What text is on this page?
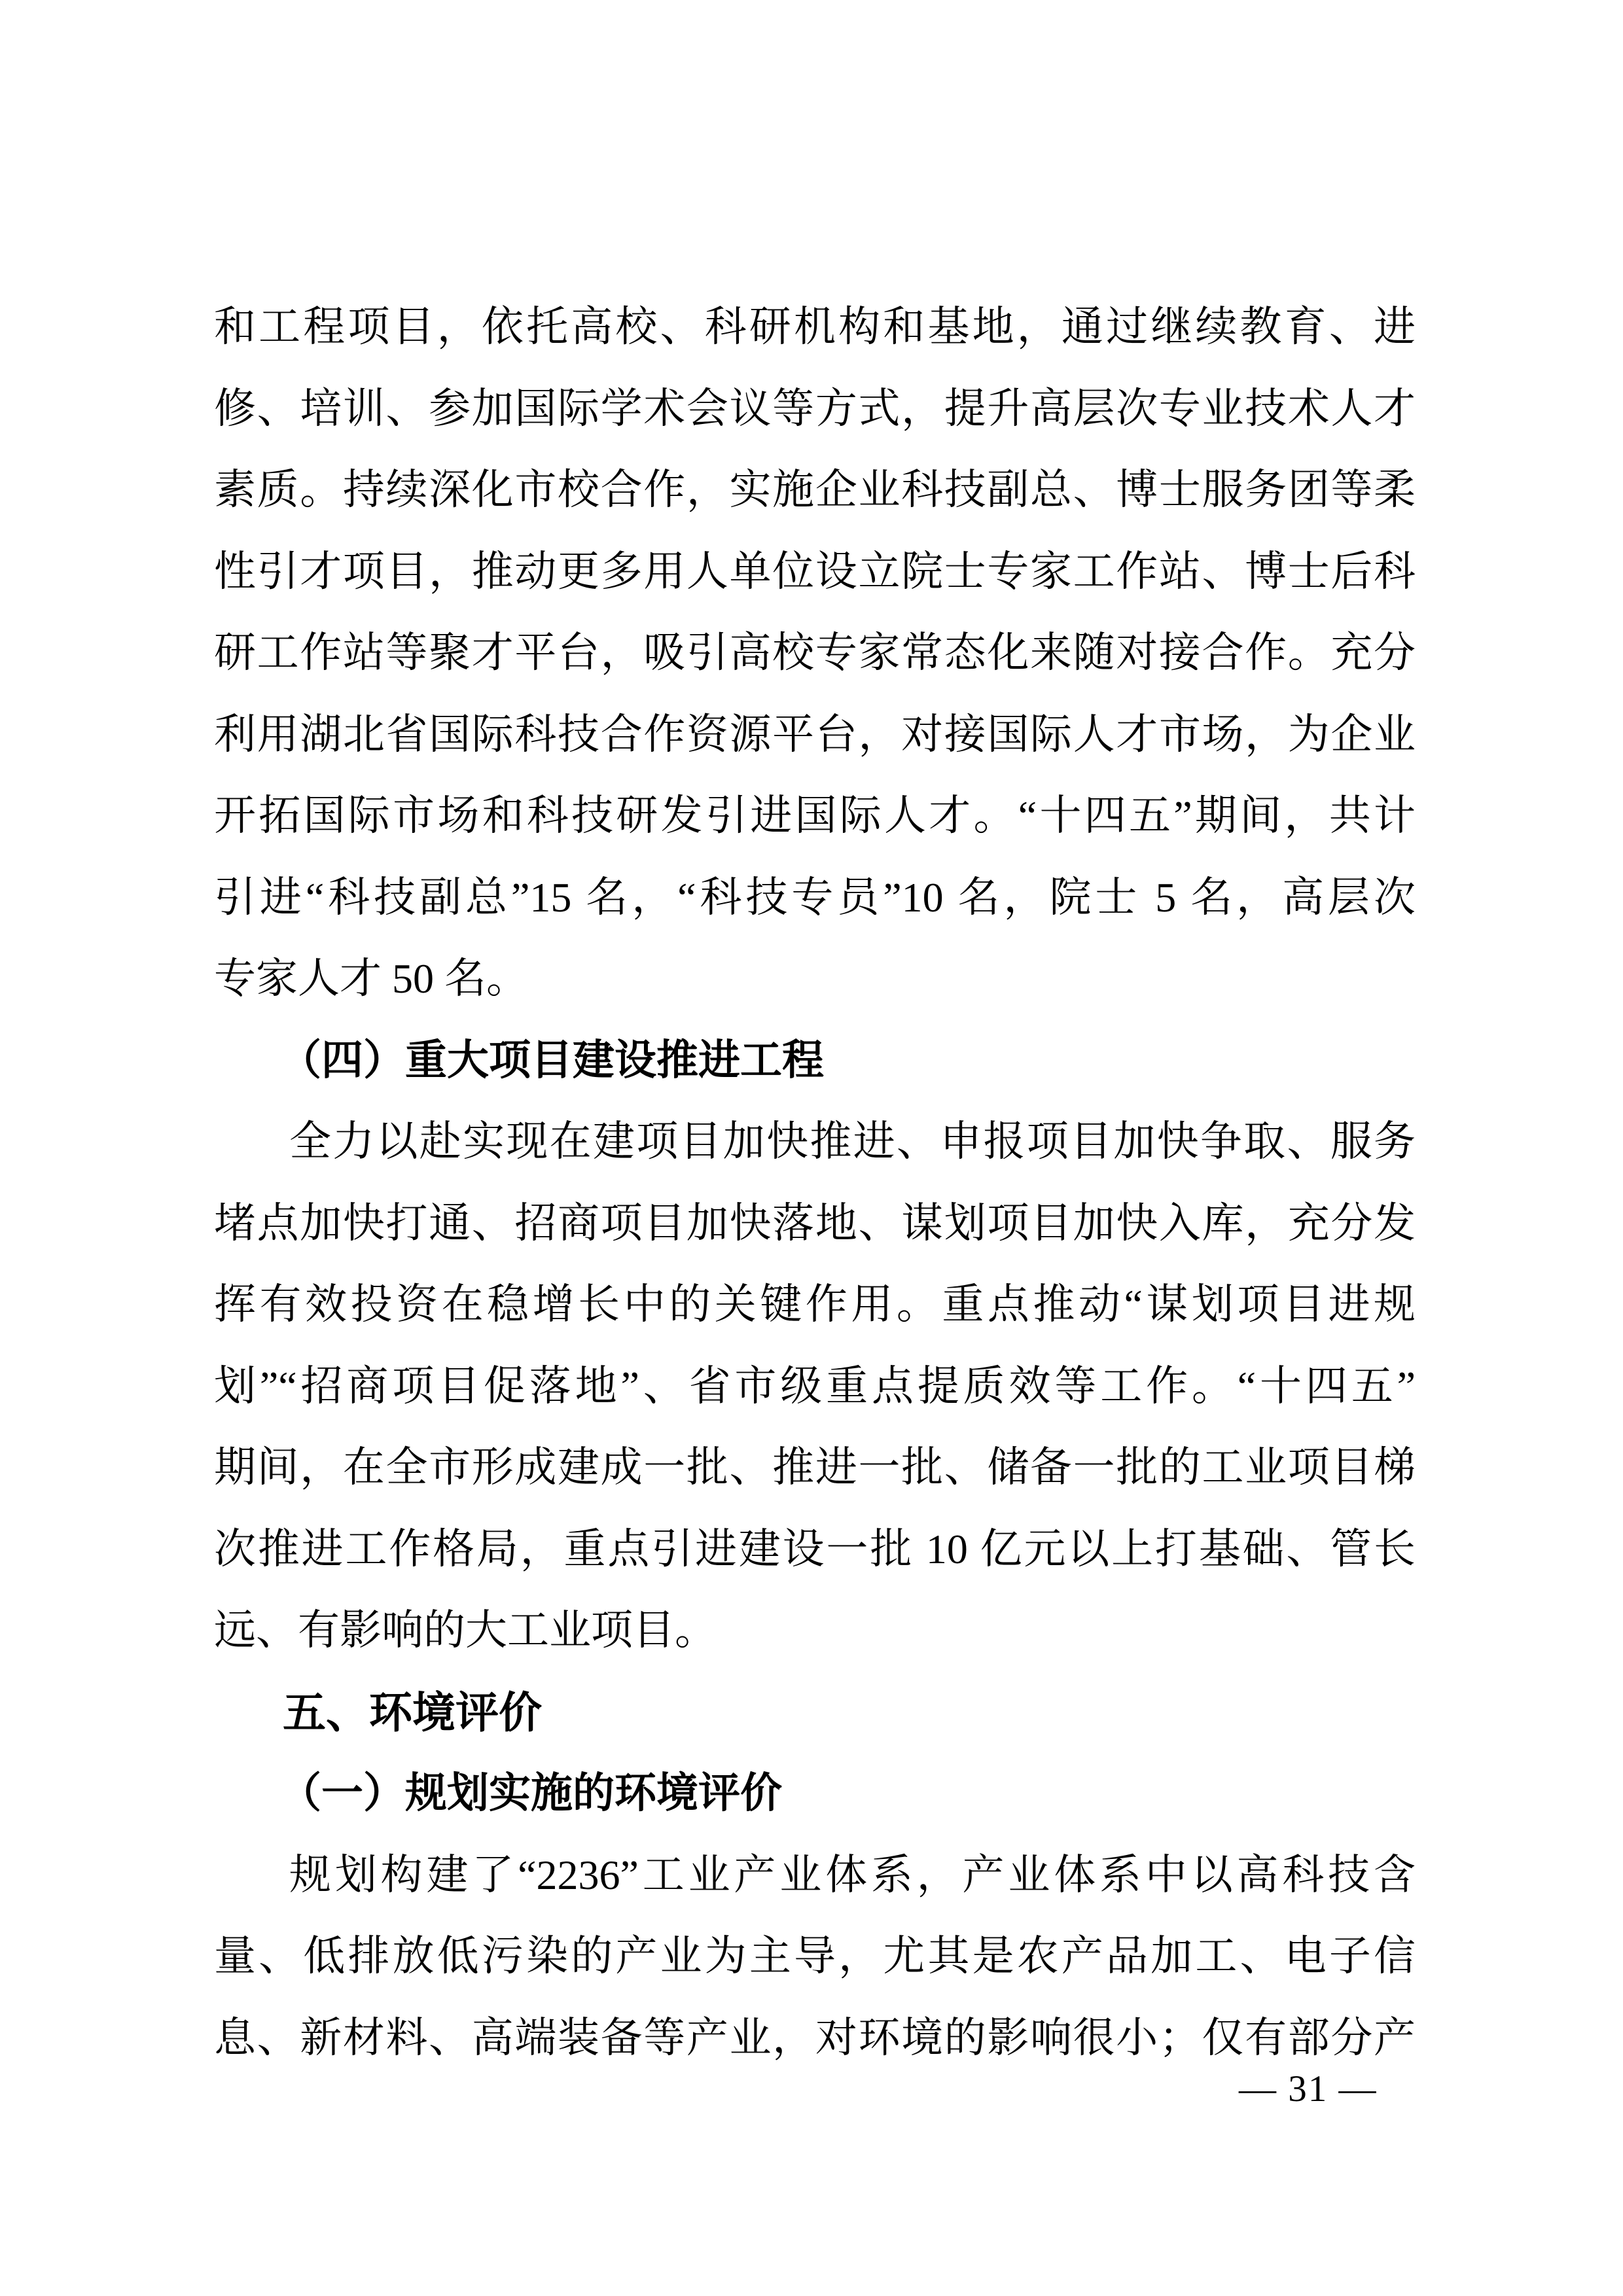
和工程项目，依托高校、科研机构和基地，通过继续教育、进
修、培训、参加国际学术会议等方式，提升高层次专业技术人才
素质。持续深化市校合作，实施企业科技副总、博士服务团等柔
性引才项目，推动更多用人单位设立院士专家工作站、博士后科
研工作站等聚才平台，吸引高校专家常态化来随对接合作。充分
利用湖北省国际科技合作资源平台，对接国际人才市场，为企业
开拓国际市场和科技研发引进国际人才。“十四五”期间，共计
引进“科技副总”15 名，“科技专员”10 名，院士 5 名，高层次
专家人才 50 名。
（四）重大项目建设推进工程
全力以赴实现在建项目加快推进、申报项目加快争取、服务
堵点加快打通、招商项目加快落地、谋划项目加快入库，充分发
挥有效投资在稳增长中的关键作用。重点推动“谋划项目进规
划”“招商项目促落地”、省市级重点提质效等工作。“十四五”
期间，在全市形成建成一批、推进一批、储备一批的工业项目梯
次推进工作格局，重点引进建设一批 10 亿元以上打基础、管长
远、有影响的大工业项目。
五、环境评价
（一）规划实施的环境评价
规划构建了“2236”工业产业体系，产业体系中以高科技含
量、低排放低污染的产业为主导，尤其是农产品加工、电子信
息、新材料、高端装备等产业，对环境的影响很小；仅有部分产
— 31 —
